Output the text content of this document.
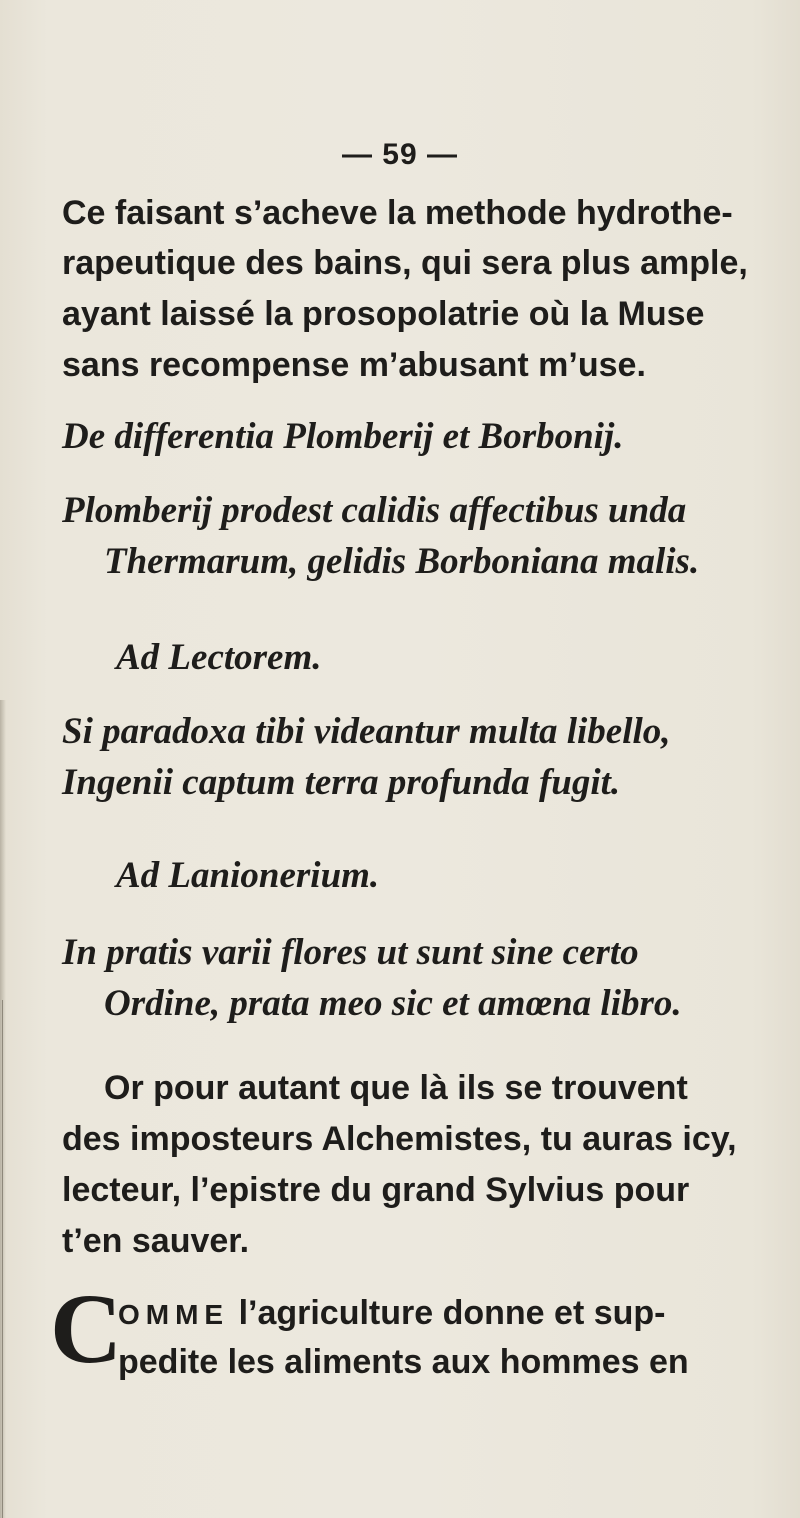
— 59 —
Ce faisant s’acheve la methode hydrothe-
rapeutique des bains, qui sera plus ample,
ayant laissé la prosopolatrie où la Muse
sans recompense m’abusant m’use.
De differentia Plomberij et Borbonij.
Plomberij prodest calidis affectibus unda
Thermarum, gelidis Borboniana malis.
Ad Lectorem.
Si paradoxa tibi videantur multa libello,
Ingenii captum terra profunda fugit.
Ad Lanionerium.
In pratis varii flores ut sunt sine certo
Ordine, prata meo sic et amœna libro.
Or pour autant que là ils se trouvent
des imposteurs Alchemistes, tu auras icy,
lecteur, l’epistre du grand Sylvius pour
t’en sauver.
C
OMME l’agriculture donne et sup-
pedite les aliments aux hommes en
